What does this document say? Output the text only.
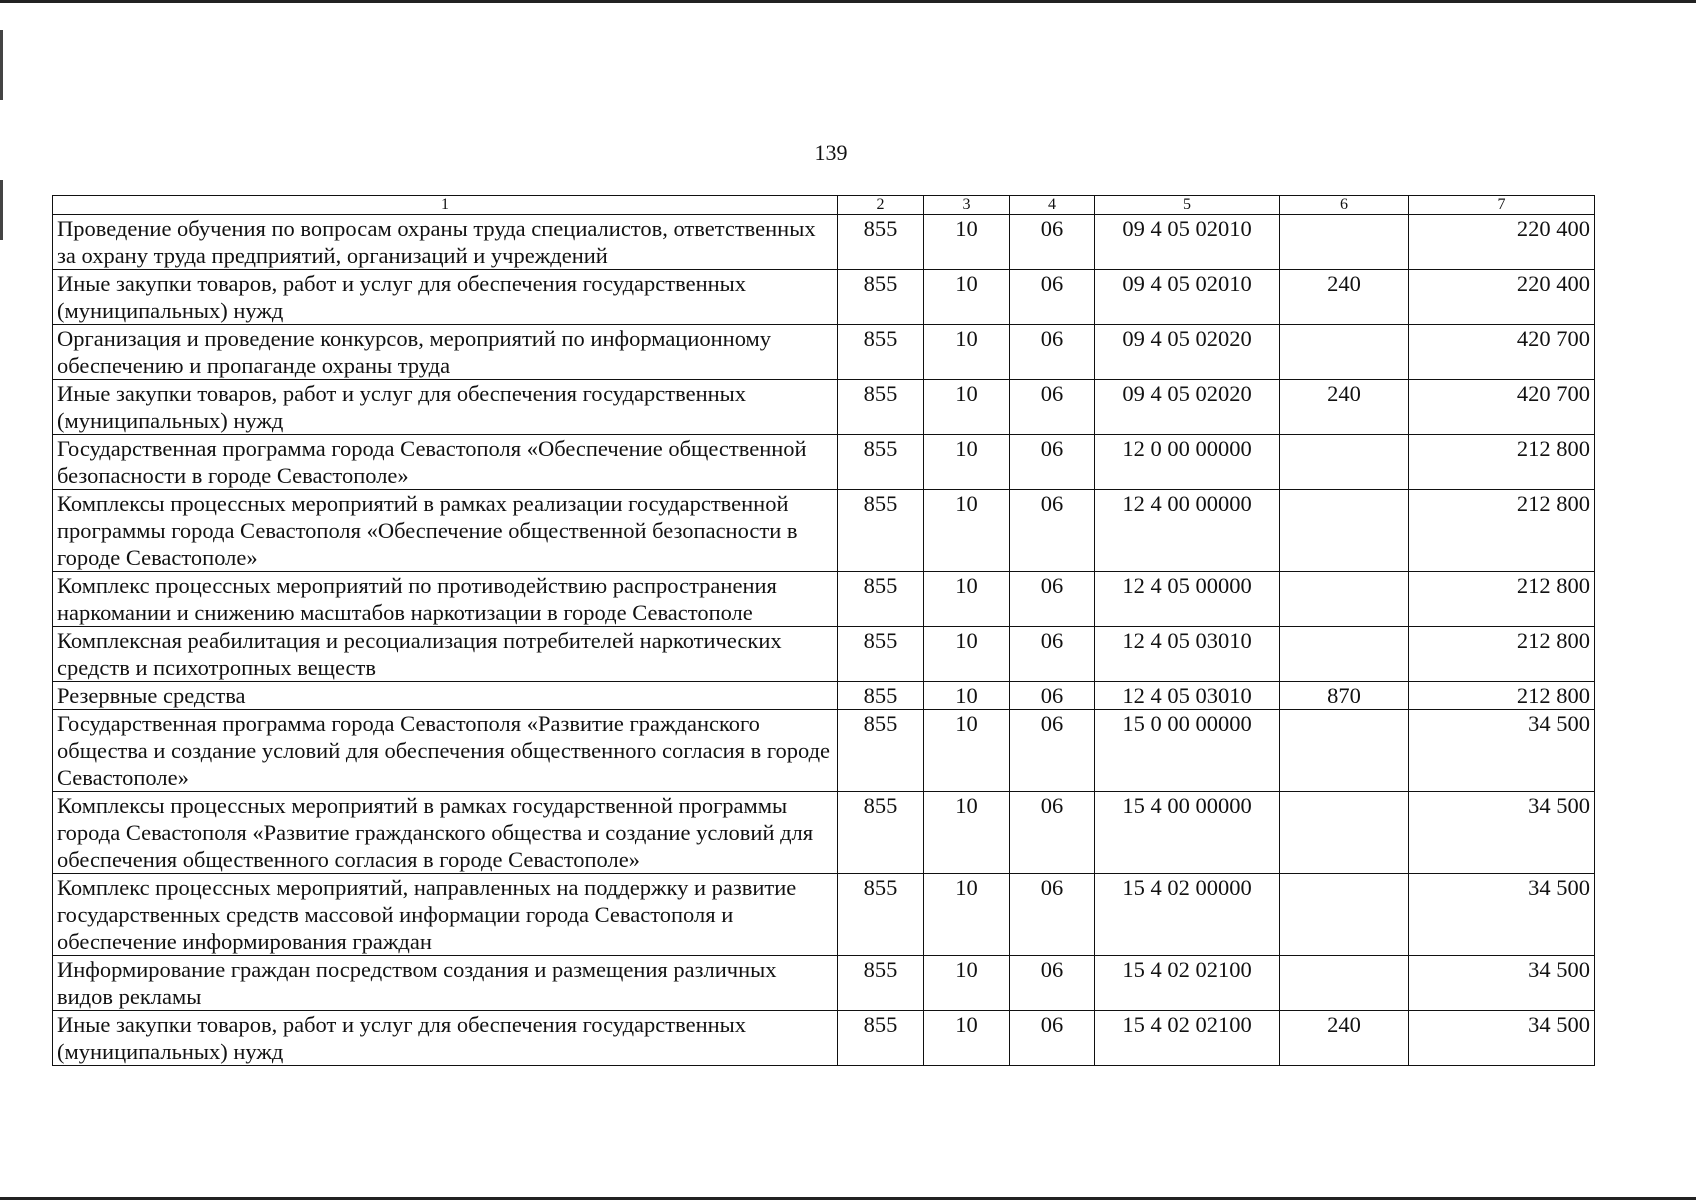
139
1	2	3	4	5	6	7
Проведение обучения по вопросам охраны труда специалистов, ответственных за охрану труда предприятий, организаций и учреждений	855	10	06	09 4 05 02010		220 400
Иные закупки товаров, работ и услуг для обеспечения государственных (муниципальных) нужд	855	10	06	09 4 05 02010	240	220 400
Организация и проведение конкурсов, мероприятий по информационному обеспечению и пропаганде охраны труда	855	10	06	09 4 05 02020		420 700
Иные закупки товаров, работ и услуг для обеспечения государственных (муниципальных) нужд	855	10	06	09 4 05 02020	240	420 700
Государственная программа города Севастополя «Обеспечение общественной безопасности в городе Севастополе»	855	10	06	12 0 00 00000		212 800
Комплексы процессных мероприятий в рамках реализации государственной программы города Севастополя «Обеспечение общественной безопасности в городе Севастополе»	855	10	06	12 4 00 00000		212 800
Комплекс процессных мероприятий по противодействию распространения наркомании и снижению масштабов наркотизации в городе Севастополе	855	10	06	12 4 05 00000		212 800
Комплексная реабилитация и ресоциализация потребителей наркотических средств и психотропных веществ	855	10	06	12 4 05 03010		212 800
Резервные средства	855	10	06	12 4 05 03010	870	212 800
Государственная программа города Севастополя «Развитие гражданского общества и создание условий для обеспечения общественного согласия в городе Севастополе»	855	10	06	15 0 00 00000		34 500
Комплексы процессных мероприятий в рамках государственной программы города Севастополя «Развитие гражданского общества и создание условий для обеспечения общественного согласия в городе Севастополе»	855	10	06	15 4 00 00000		34 500
Комплекс процессных мероприятий, направленных на поддержку и развитие государственных средств массовой информации города Севастополя и обеспечение информирования граждан	855	10	06	15 4 02 00000		34 500
Информирование граждан посредством создания и размещения различных видов рекламы	855	10	06	15 4 02 02100		34 500
Иные закупки товаров, работ и услуг для обеспечения государственных (муниципальных) нужд	855	10	06	15 4 02 02100	240	34 500
